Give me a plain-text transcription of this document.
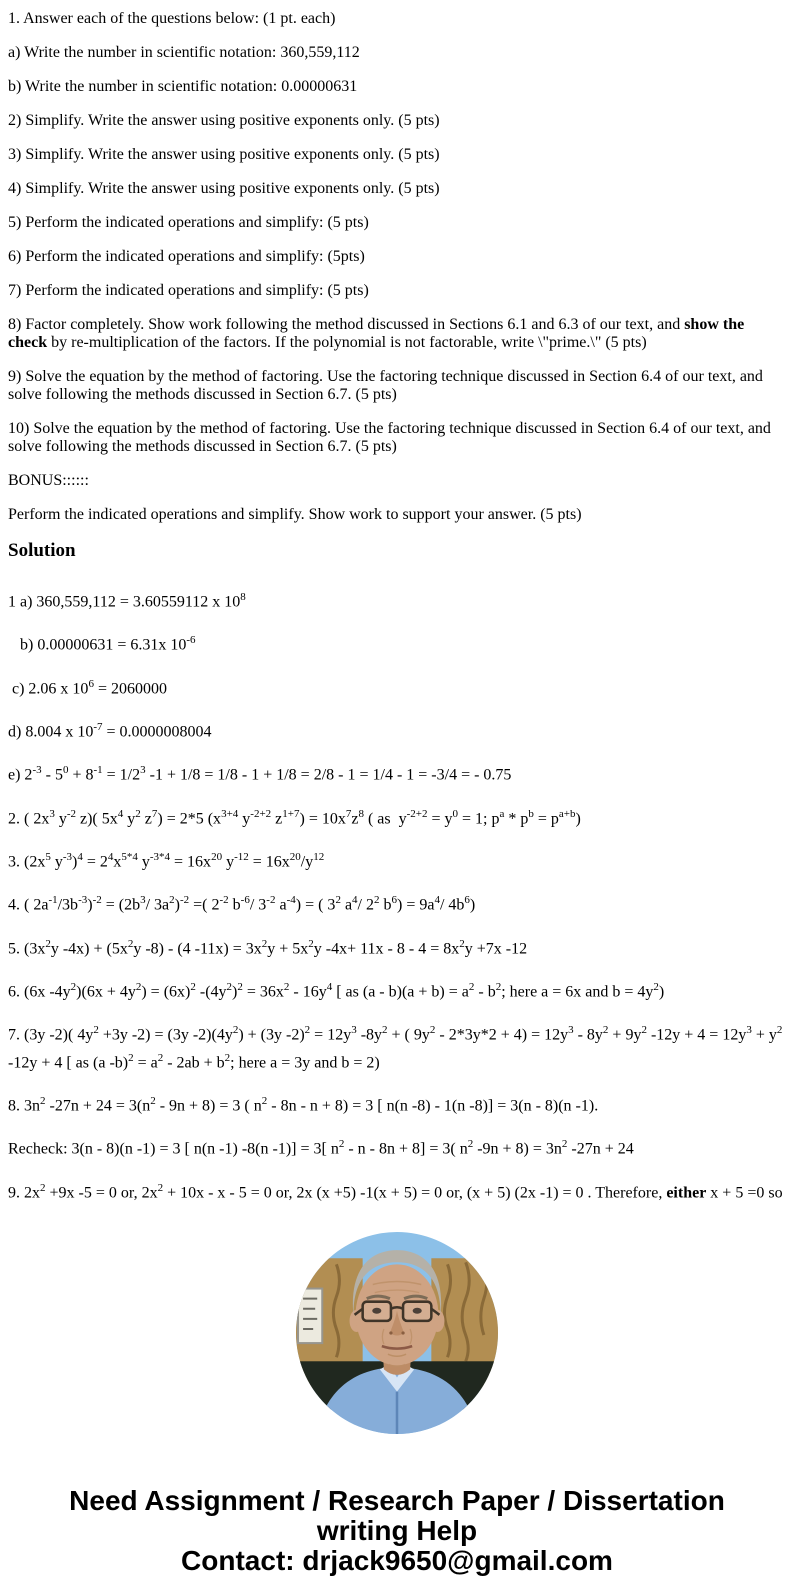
1. Answer each of the questions below: (1 pt. each)

a) Write the number in scientific notation: 360,559,112

b) Write the number in scientific notation: 0.00000631

2) Simplify. Write the answer using positive exponents only. (5 pts)

3) Simplify. Write the answer using positive exponents only. (5 pts)

4) Simplify. Write the answer using positive exponents only. (5 pts)

5) Perform the indicated operations and simplify: (5 pts)

6) Perform the indicated operations and simplify: (5pts)

7) Perform the indicated operations and simplify: (5 pts)

8) Factor completely. Show work following the method discussed in Sections 6.1 and 6.3 of our text, and show the check by re-multiplication of the factors. If the polynomial is not factorable, write \"prime.\" (5 pts)

9) Solve the equation by the method of factoring. Use the factoring technique discussed in Section 6.4 of our text, and solve following the methods discussed in Section 6.7. (5 pts)

10) Solve the equation by the method of factoring. Use the factoring technique discussed in Section 6.4 of our text, and solve following the methods discussed in Section 6.7. (5 pts)

BONUS::::::

Perform the indicated operations and simplify. Show work to support your answer. (5 pts)

Solution

1 a) 360,559,112 = 3.60559112 x $10^8$

b) 0.00000631 = 6.31x $10^{-6}$

c) 2.06 x $10^6 = 2060000$

d) 8.004 x $10^{-7} = 0.0000008004$

e) $2^{-3} - 5^0 + 8^{-1} = 1/2^3$ -1 + 1/8 = 1/8 - 1 + 1/8 = 2/8 - 1 = 1/4 - 1 = -3/4 = - 0.75

2. ( $2x^3$ $y^{-2}$ z)( $5x^4$ $y^2$ $z^7) = 2*5$ ($x^{3+4}$ $y^{-2+2}$ $z^{1+7}) = 10x^7z^8$ ( as  $y^{-2+2} = y^0 = 1$; $p^a * p^b = p^{a+b}$)

3. ($2x^5$ $y^{-3})^4 = 2^4x^{5*4}$ $y^{-3*4} = 16x^{20}$ $y^{-12} = 16x^{20}/y^{12}$

4. ( $2a^{-1}/3b^{-3})^{-2} = (2b^3/$ $3a^2)^{-2}$ =( $2^{-2}$ $b^{-6}/$ $3^{-2}$ $a^{-4}$) = ( $3^2$ $a^4/$ $2^2$ $b^6) = 9a^4/$ $4b^6$)

5. ($3x^2y$ $-4x) + (5x^2y$ -8) - (4 $-11x) = 3x^2y + 5x^2y$ $-4x+ 11x - 8 - 4 = 8x^2y +7x$ -12

6. (6x $-4y^2)(6x + 4y^2) = (6x)^2$ $-(4y^2)^2 = 36x^2 - 16y^4$ [ as $(a - b)(a + b) = a^2 - b^2$; here a = 6x and $b = 4y^2$)

7. (3y -2)( $4y^2 +3y$ -2) = (3y $-2)(4y^2) + (3y$ $-2)^2 = 12y^3$ $-8y^2$ + ( $9y^2 - 2*3y*2 + 4) = 12y^3 - 8y^2 + 9y^2$ $-12y + 4 = 12y^3 + y^2$ -12y + 4 [ as (a $-b)^2 = a^2 - 2ab + b^2$; here a = 3y and b = 2)

8. $3n^2$ $-27n + 24 = 3(n^2 - 9n + 8) = 3$ ( $n^2 - 8n - n + 8) = 3$ [ n(n -8) - 1(n -8)] = 3(n - 8)(n -1).

Recheck: 3(n - 8)(n -1) = 3 [ n(n -1) -8(n -1)] = 3[ $n^2 - n - 8n + 8] = 3$( $n^2$ $-9n + 8) = 3n^2$ -27n + 24

9. $2x^2 +9x$ -5 = 0 or, $2x^2 + 10x - x - 5 = 0$ or, 2x (x +5) -1(x + 5) = 0 or, (x + 5) (2x -1) = 0 . Therefore, either x + 5 =0 so

Need Assignment / Research Paper / Dissertation
writing Help
Contact: drjack9650@gmail.com
